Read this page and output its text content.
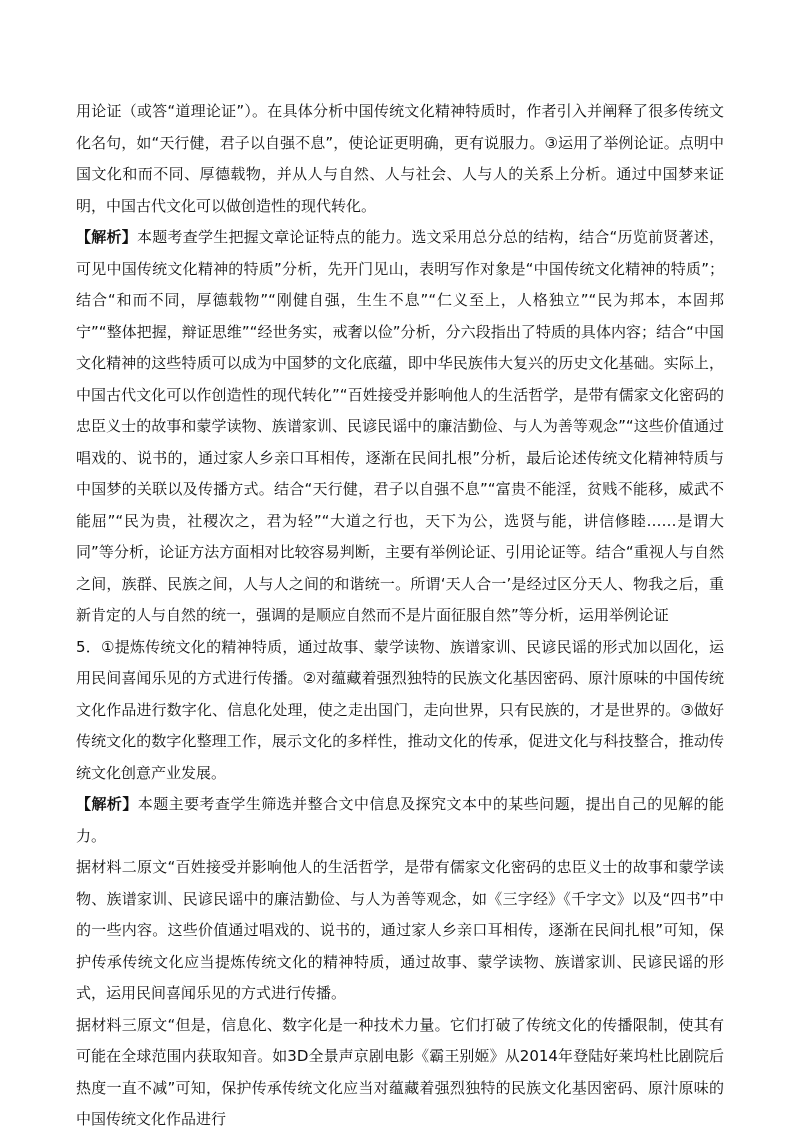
用论证（或答“道理论证”）。在具体分析中国传统文化精神特质时，作者引入并阐释了很多传统文化名句，如“天行健，君子以自强不息”，使论证更明确，更有说服力。③运用了举例论证。点明中国文化和而不同、厚德载物，并从人与自然、人与社会、人与人的关系上分析。通过中国梦来证明，中国古代文化可以做创造性的现代转化。

【解析】本题考查学生把握文章论证特点的能力。选文采用总分总的结构，结合“历览前贤著述，可见中国传统文化精神的特质”分析，先开门见山，表明写作对象是“中国传统文化精神的特质”；结合“和而不同，厚德载物”“刚健自强，生生不息”“仁义至上，人格独立”“民为邦本，本固邦宁”“整体把握，辩证思维”“经世务实，戒奢以俭”分析，分六段指出了特质的具体内容；结合“中国文化精神的这些特质可以成为中国梦的文化底蕴，即中华民族伟大复兴的历史文化基础。实际上，中国古代文化可以作创造性的现代转化”“百姓接受并影响他人的生活哲学，是带有儒家文化密码的忠臣义士的故事和蒙学读物、族谱家训、民谚民谣中的廉洁勤俭、与人为善等观念”“这些价值通过唱戏的、说书的，通过家人乡亲口耳相传，逐渐在民间扎根”分析，最后论述传统文化精神特质与中国梦的关联以及传播方式。结合“天行健，君子以自强不息”“富贵不能淫，贫贱不能移，威武不能屈”“民为贵，社稷次之，君为轻”“大道之行也，天下为公，选贤与能，讲信修睦……是谓大同”等分析，论证方法方面相对比较容易判断，主要有举例论证、引用论证等。结合“重视人与自然之间，族群、民族之间，人与人之间的和谐统一。所谓‘天人合一’是经过区分天人、物我之后，重新肯定的人与自然的统一，强调的是顺应自然而不是片面征服自然”等分析，运用举例论证

5．①提炼传统文化的精神特质，通过故事、蒙学读物、族谱家训、民谚民谣的形式加以固化，运用民间喜闻乐见的方式进行传播。②对蕴藏着强烈独特的民族文化基因密码、原汁原味的中国传统文化作品进行数字化、信息化处理，使之走出国门，走向世界，只有民族的，才是世界的。③做好传统文化的数字化整理工作，展示文化的多样性，推动文化的传承，促进文化与科技整合，推动传统文化创意产业发展。

【解析】本题主要考查学生筛选并整合文中信息及探究文本中的某些问题，提出自己的见解的能力。

据材料二原文“百姓接受并影响他人的生活哲学，是带有儒家文化密码的忠臣义士的故事和蒙学读物、族谱家训、民谚民谣中的廉洁勤俭、与人为善等观念，如《三字经》《千字文》以及“四书”中的一些内容。这些价值通过唱戏的、说书的，通过家人乡亲口耳相传，逐渐在民间扎根”可知，保护传承传统文化应当提炼传统文化的精神特质，通过故事、蒙学读物、族谱家训、民谚民谣的形式，运用民间喜闻乐见的方式进行传播。

据材料三原文“但是，信息化、数字化是一种技术力量。它们打破了传统文化的传播限制，使其有可能在全球范围内获取知音。如3D全景声京剧电影《霸王别姬》从2014年登陆好莱坞杜比剧院后热度一直不减”可知，保护传承传统文化应当对蕴藏着强烈独特的民族文化基因密码、原汁原味的中国传统文化作品进行
